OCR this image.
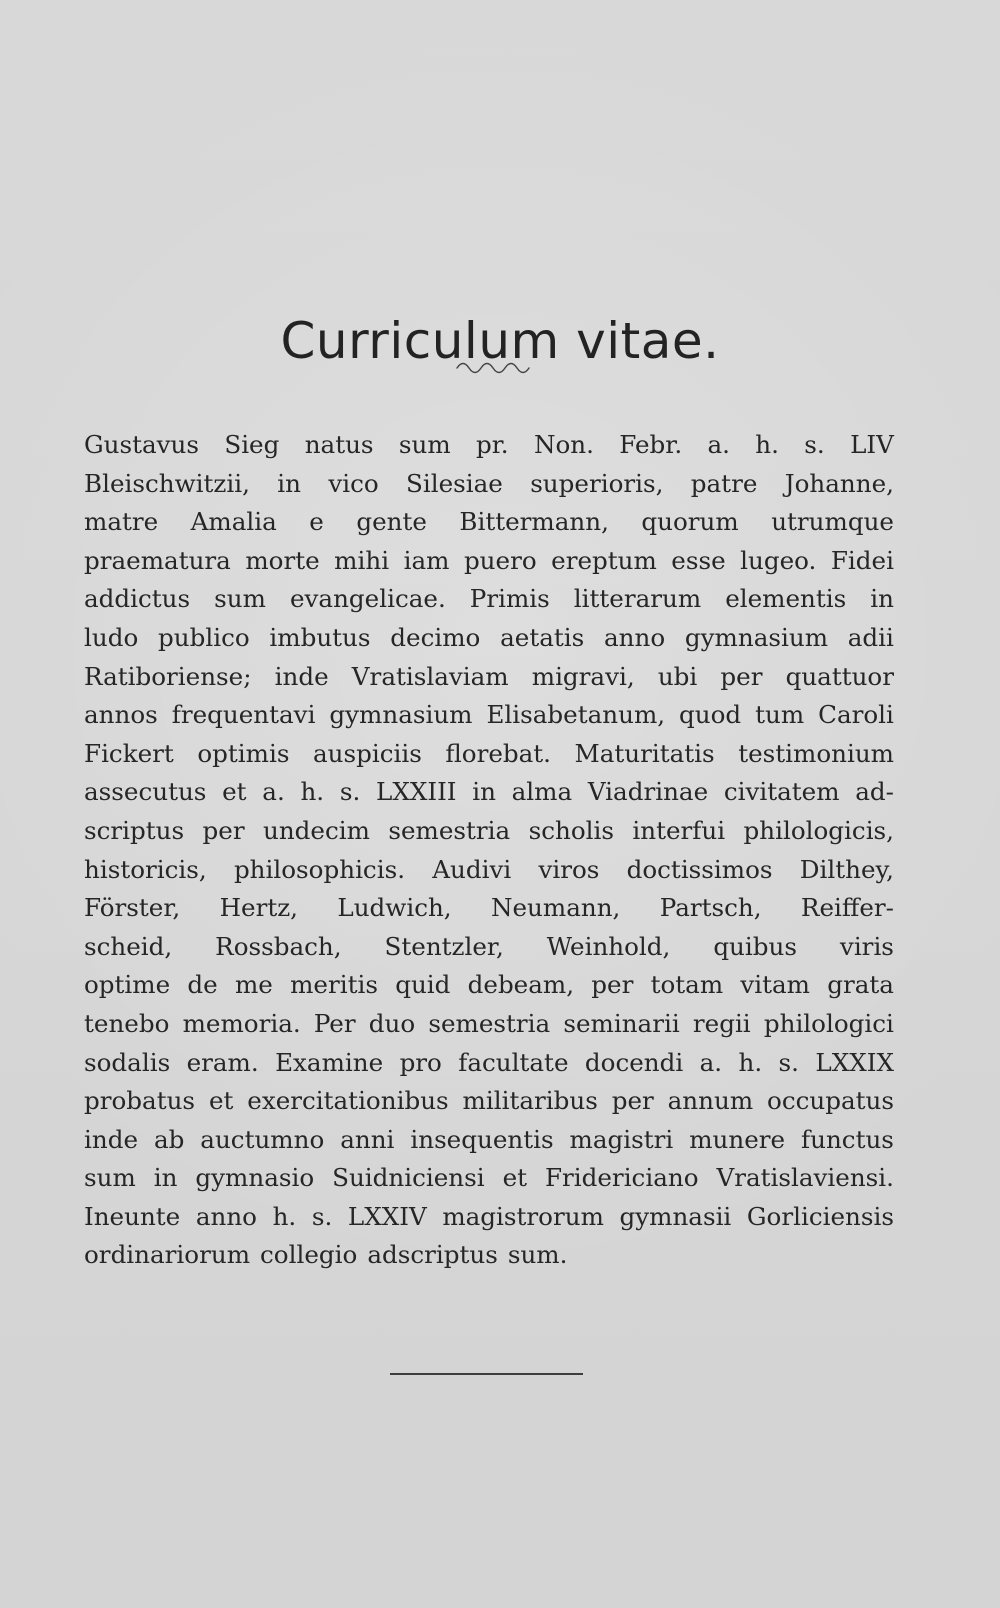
Curriculum vitae.
Gustavus Sieg natus sum pr. Non. Febr. a. h. s. LIV
Bleischwitzii, in vico Silesiae superioris, patre Johanne,
matre Amalia e gente Bittermann, quorum utrumque
praematura morte mihi iam puero ereptum esse lugeo. Fidei
addictus sum evangelicae. Primis litterarum elementis in
ludo publico imbutus decimo aetatis anno gymnasium adii
Ratiboriense; inde Vratislaviam migravi, ubi per quattuor
annos frequentavi gymnasium Elisabetanum, quod tum Caroli
Fickert optimis auspiciis florebat. Maturitatis testimonium
assecutus et a. h. s. LXXIII in alma Viadrinae civitatem ad-
scriptus per undecim semestria scholis interfui philologicis,
historicis, philosophicis. Audivi viros doctissimos Dilthey,
Förster, Hertz, Ludwich, Neumann, Partsch, Reiffer-
scheid, Rossbach, Stentzler, Weinhold, quibus viris
optime de me meritis quid debeam, per totam vitam grata
tenebo memoria. Per duo semestria seminarii regii philologici
sodalis eram. Examine pro facultate docendi a. h. s. LXXIX
probatus et exercitationibus militaribus per annum occupatus
inde ab auctumno anni insequentis magistri munere functus
sum in gymnasio Suidniciensi et Fridericiano Vratislaviensi.
Ineunte anno h. s. LXXIV magistrorum gymnasii Gorliciensis
ordinariorum collegio adscriptus sum.
